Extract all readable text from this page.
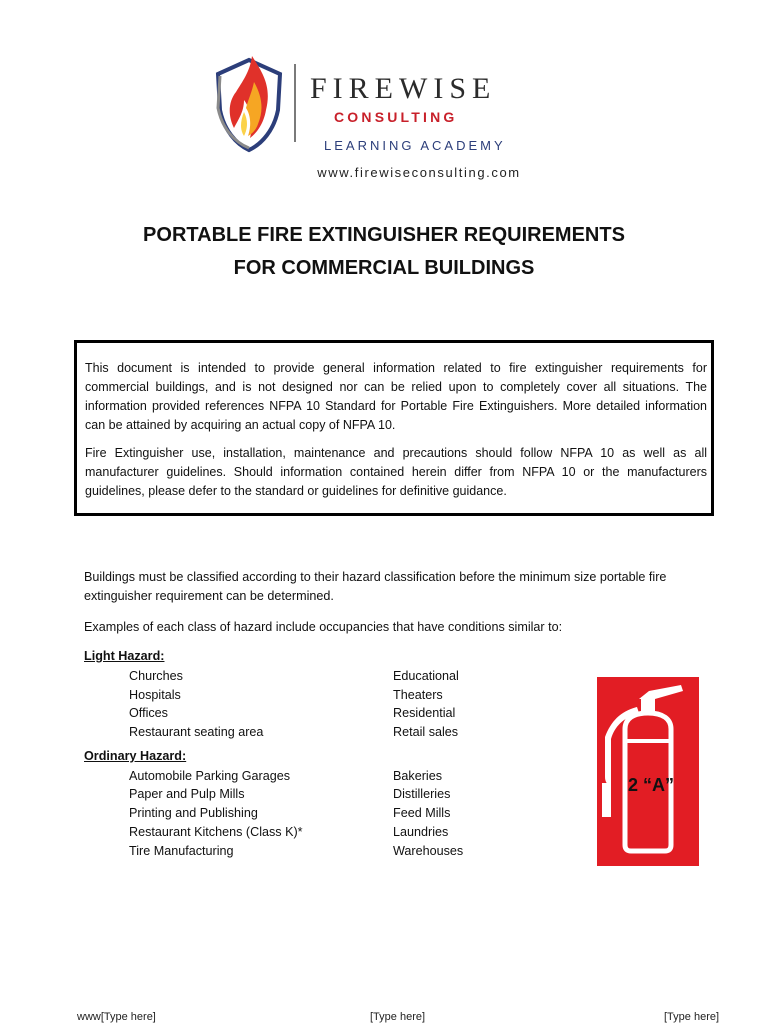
FIREWISE
CONSULTING
LEARNING ACADEMY
www.firewiseconsulting.com
PORTABLE FIRE EXTINGUISHER REQUIREMENTS
FOR COMMERCIAL BUILDINGS

This document is intended to provide general information related to fire extinguisher requirements for commercial buildings, and is not designed nor can be relied upon to completely cover all situations. The information provided references NFPA 10 Standard for Portable Fire Extinguishers. More detailed information can be attained by acquiring an actual copy of NFPA 10.

Fire Extinguisher use, installation, maintenance and precautions should follow NFPA 10 as well as all manufacturer guidelines. Should information contained herein differ from NFPA 10 or the manufacturers guidelines, please defer to the standard or guidelines for definitive guidance.

Buildings must be classified according to their hazard classification before the minimum size portable fire extinguisher requirement can be determined.
Examples of each class of hazard include occupancies that have conditions similar to:
Light Hazard:
Churches
Hospitals
Offices
Restaurant seating area
Educational
Theaters
Residential
Retail sales
Ordinary Hazard:
Automobile Parking Garages
Paper and Pulp Mills
Printing and Publishing
Restaurant Kitchens (Class K)*
Tire Manufacturing
Bakeries
Distilleries
Feed Mills
Laundries
Warehouses
2 “A”
www[Type here]	[Type here]	[Type here]
